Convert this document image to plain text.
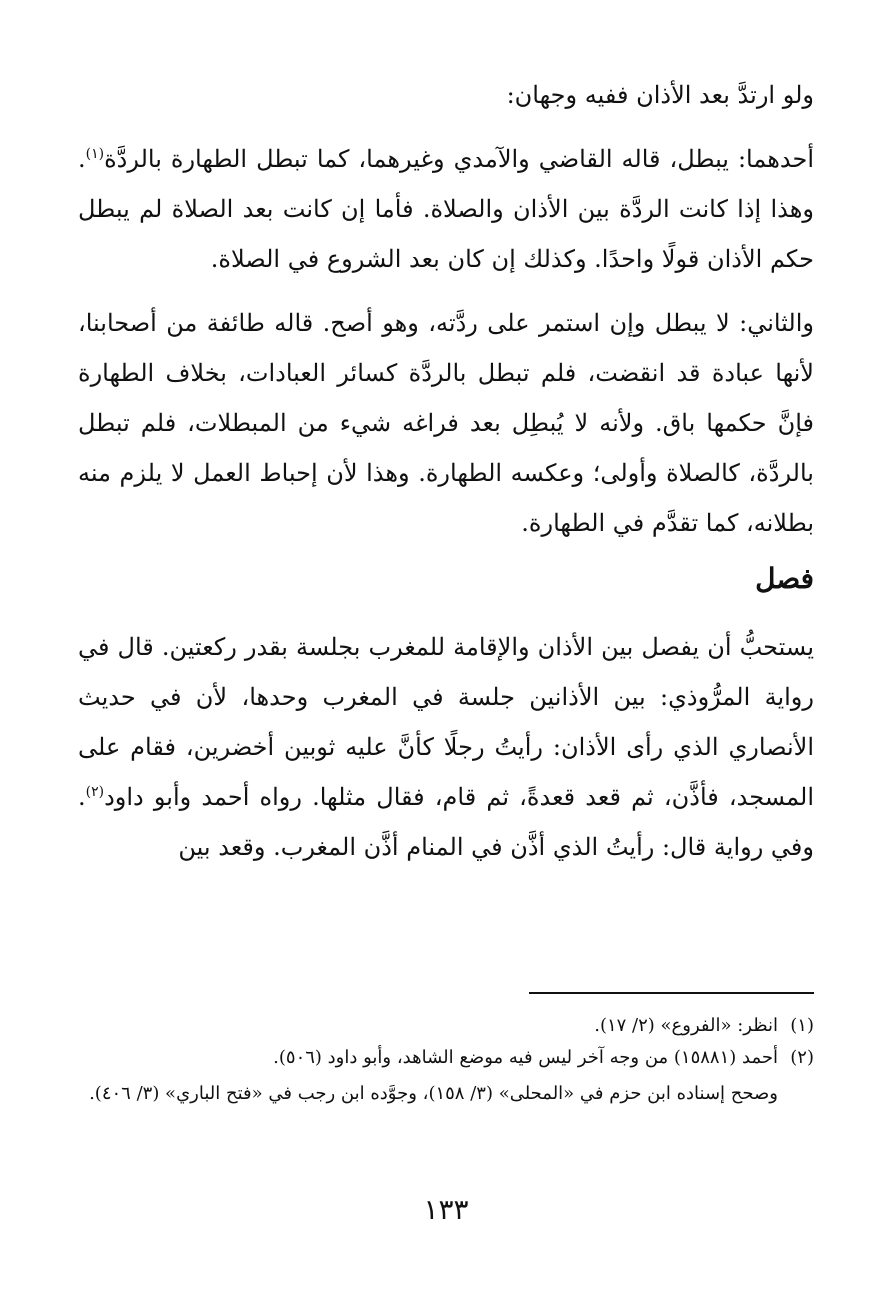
ولو ارتدَّ بعد الأذان ففيه وجهان:

أحدهما: يبطل، قاله القاضي والآمدي وغيرهما، كما تبطل الطهارة بالردَّة$^{(١)}$. وهذا إذا كانت الردَّة بين الأذان والصلاة. فأما إن كانت بعد الصلاة لم يبطل حكم الأذان قولًا واحدًا. وكذلك إن كان بعد الشروع في الصلاة.

والثاني: لا يبطل وإن استمر على ردَّته، وهو أصح. قاله طائفة من أصحابنا، لأنها عبادة قد انقضت، فلم تبطل بالردَّة كسائر العبادات، بخلاف الطهارة فإنَّ حكمها باق. ولأنه لا يُبطِل بعد فراغه شيء من المبطلات، فلم تبطل بالردَّة، كالصلاة وأولى؛ وعكسه الطهارة. وهذا لأن إحباط العمل لا يلزم منه بطلانه، كما تقدَّم في الطهارة.

فصل

يستحبُّ أن يفصل بين الأذان والإقامة للمغرب بجلسة بقدر ركعتين. قال في رواية المرُّوذي: بين الأذانين جلسة في المغرب وحدها، لأن في حديث الأنصاري الذي رأى الأذان: رأيتُ رجلًا كأنَّ عليه ثوبين أخضرين، فقام على المسجد، فأذَّن، ثم قعد قعدةً، ثم قام، فقال مثلها. رواه أحمد وأبو داود$^{(٢)}$. وفي رواية قال: رأيتُ الذي أذَّن في المنام أذَّن المغرب. وقعد بين

(١)
انظر: «الفروع» (٢/ ١٧).
(٢)
أحمد (١٥٨٨١) من وجه آخر ليس فيه موضع الشاهد، وأبو داود (٥٠٦).

وصحح إسناده ابن حزم في «المحلى» (٣/ ١٥٨)، وجوَّده ابن رجب في «فتح الباري» (٣/ ٤٠٦).

١٣٣
